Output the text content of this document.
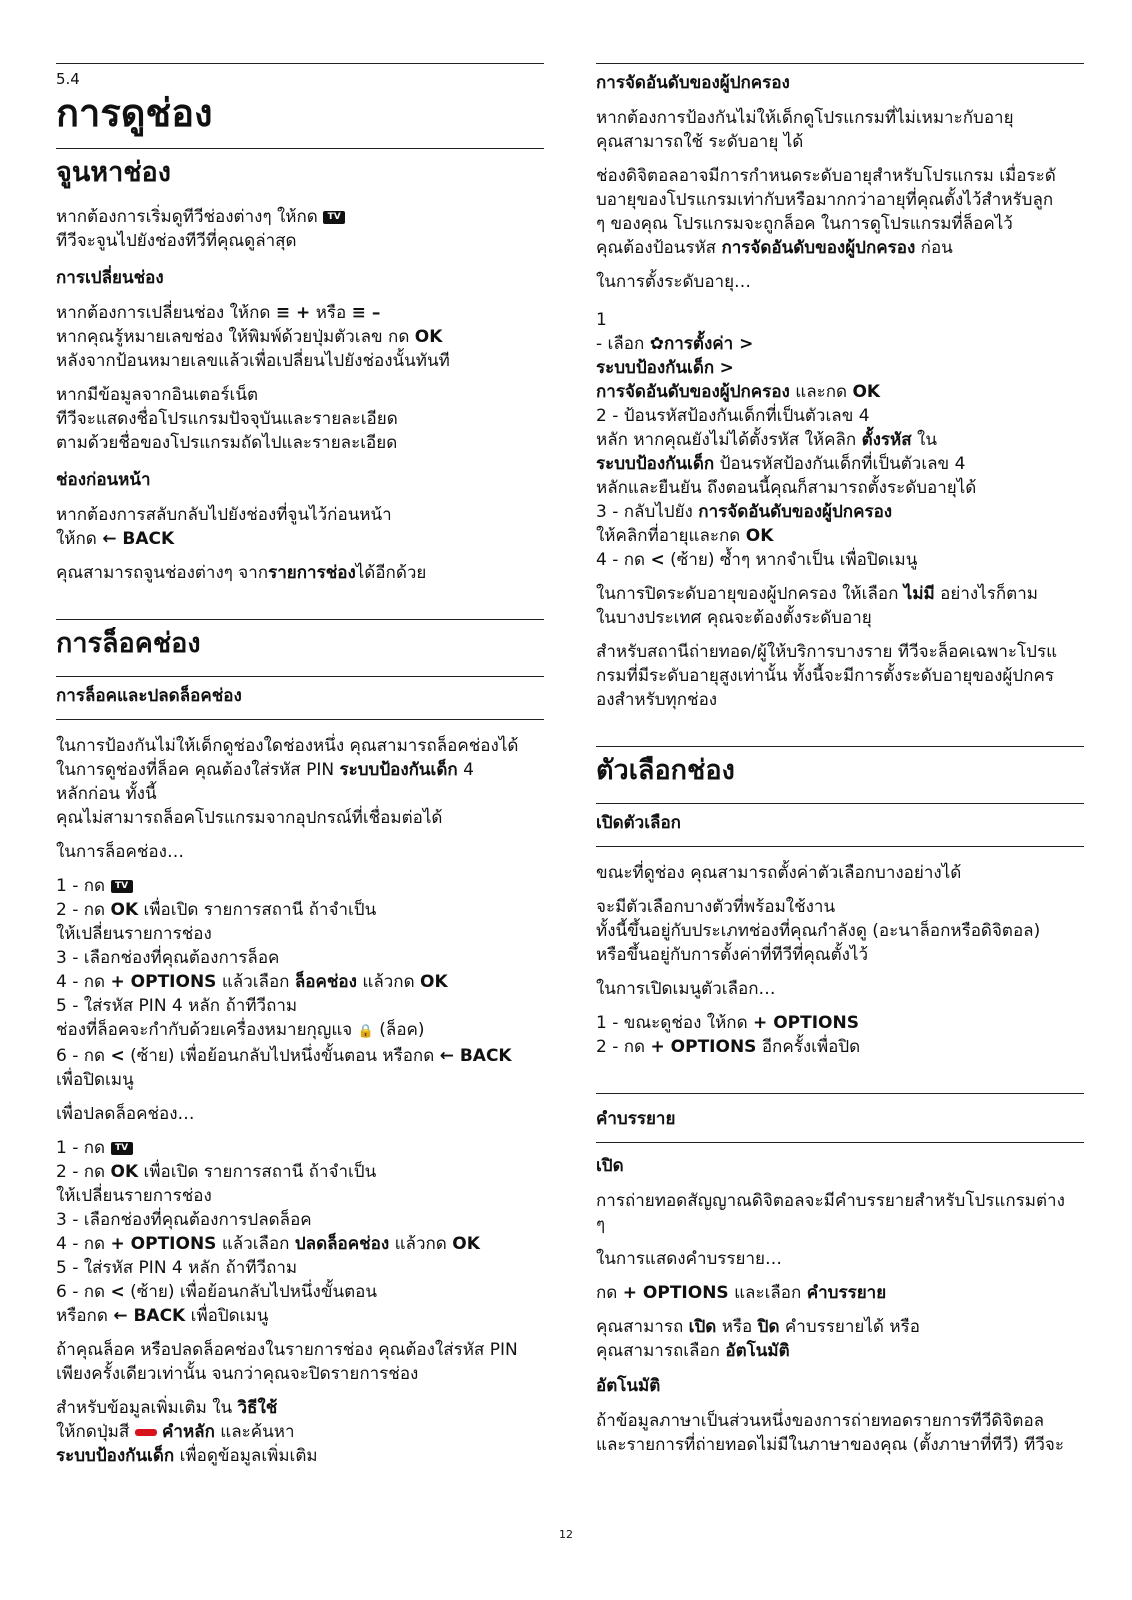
5.4
การดูช่อง
จูนหาช่อง

หากต้องการเริ่มดูทีวีช่องต่างๆ ให้กด TV
ทีวีจะจูนไปยังช่องทีวีที่คุณดูล่าสุด

การเปลี่ยนช่อง

หากต้องการเปลี่ยนช่อง ให้กด ≡ + หรือ ≡ –
หากคุณรู้หมายเลขช่อง ให้พิมพ์ด้วยปุ่มตัวเลข กด OK
หลังจากป้อนหมายเลขแล้วเพื่อเปลี่ยนไปยังช่องนั้นทันที

หากมีข้อมูลจากอินเตอร์เน็ต
ทีวีจะแสดงชื่อโปรแกรมปัจจุบันและรายละเอียด
ตามด้วยชื่อของโปรแกรมถัดไปและรายละเอียด

ช่องก่อนหน้า

หากต้องการสลับกลับไปยังช่องที่จูนไว้ก่อนหน้า
ให้กด ← BACK

คุณสามารถจูนช่องต่างๆ จากรายการช่องได้อีกด้วย

การล็อคช่อง
การล็อคและปลดล็อคช่อง

ในการป้องกันไม่ให้เด็กดูช่องใดช่องหนึ่ง คุณสามารถล็อคช่องได้
ในการดูช่องที่ล็อค คุณต้องใส่รหัส PIN ระบบป้องกันเด็ก 4
หลักก่อน ทั้งนี้
คุณไม่สามารถล็อคโปรแกรมจากอุปกรณ์ที่เชื่อมต่อได้

ในการล็อคช่อง…

1 - กด TV
2 - กด OK เพื่อเปิด รายการสถานี ถ้าจำเป็น
ให้เปลี่ยนรายการช่อง
3 - เลือกช่องที่คุณต้องการล็อค
4 - กด + OPTIONS แล้วเลือก ล็อคช่อง แล้วกด OK
5 - ใส่รหัส PIN 4 หลัก ถ้าทีวีถาม
ช่องที่ล็อคจะกำกับด้วยเครื่องหมายกุญแจ 🔒 (ล็อค)
6 - กด < (ซ้าย) เพื่อย้อนกลับไปหนึ่งขั้นตอน หรือกด ← BACK
เพื่อปิดเมนู

เพื่อปลดล็อคช่อง…

1 - กด TV
2 - กด OK เพื่อเปิด รายการสถานี ถ้าจำเป็น
ให้เปลี่ยนรายการช่อง
3 - เลือกช่องที่คุณต้องการปลดล็อค
4 - กด + OPTIONS แล้วเลือก ปลดล็อคช่อง แล้วกด OK
5 - ใส่รหัส PIN 4 หลัก ถ้าทีวีถาม
6 - กด < (ซ้าย) เพื่อย้อนกลับไปหนึ่งขั้นตอน
หรือกด ← BACK เพื่อปิดเมนู

ถ้าคุณล็อค หรือปลดล็อคช่องในรายการช่อง คุณต้องใส่รหัส PIN
เพียงครั้งเดียวเท่านั้น จนกว่าคุณจะปิดรายการช่อง

สำหรับข้อมูลเพิ่มเติม ใน วิธีใช้
ให้กดปุ่มสี คำหลัก และค้นหา
ระบบป้องกันเด็ก เพื่อดูข้อมูลเพิ่มเติม

การจัดอันดับของผู้ปกครอง

หากต้องการป้องกันไม่ให้เด็กดูโปรแกรมที่ไม่เหมาะกับอายุ
คุณสามารถใช้ ระดับอายุ ได้

ช่องดิจิตอลอาจมีการกำหนดระดับอายุสำหรับโปรแกรม เมื่อระดั
บอายุของโปรแกรมเท่ากับหรือมากกว่าอายุที่คุณตั้งไว้สำหรับลูก
ๆ ของคุณ โปรแกรมจะถูกล็อค ในการดูโปรแกรมที่ล็อคไว้
คุณต้องป้อนรหัส การจัดอันดับของผู้ปกครอง ก่อน

ในการตั้งระดับอายุ…

1
- เลือก ✿การตั้งค่า >
ระบบป้องกันเด็ก >
การจัดอันดับของผู้ปกครอง และกด OK
2 - ป้อนรหัสป้องกันเด็กที่เป็นตัวเลข 4
หลัก หากคุณยังไม่ได้ตั้งรหัส ให้คลิก ตั้งรหัส ใน
ระบบป้องกันเด็ก ป้อนรหัสป้องกันเด็กที่เป็นตัวเลข 4
หลักและยืนยัน ถึงตอนนี้คุณก็สามารถตั้งระดับอายุได้
3 - กลับไปยัง การจัดอันดับของผู้ปกครอง
ให้คลิกที่อายุและกด OK
4 - กด < (ซ้าย) ซ้ำๆ หากจำเป็น เพื่อปิดเมนู

ในการปิดระดับอายุของผู้ปกครอง ให้เลือก ไม่มี อย่างไรก็ตาม
ในบางประเทศ คุณจะต้องตั้งระดับอายุ

สำหรับสถานีถ่ายทอด/ผู้ให้บริการบางราย ทีวีจะล็อคเฉพาะโปรแ
กรมที่มีระดับอายุสูงเท่านั้น ทั้งนี้จะมีการตั้งระดับอายุของผู้ปกคร
องสำหรับทุกช่อง

ตัวเลือกช่อง
เปิดตัวเลือก

ขณะที่ดูช่อง คุณสามารถตั้งค่าตัวเลือกบางอย่างได้

จะมีตัวเลือกบางตัวที่พร้อมใช้งาน
ทั้งนี้ขึ้นอยู่กับประเภทช่องที่คุณกำลังดู (อะนาล็อกหรือดิจิตอล)
หรือขึ้นอยู่กับการตั้งค่าที่ทีวีที่คุณตั้งไว้

ในการเปิดเมนูตัวเลือก…

1 - ขณะดูช่อง ให้กด + OPTIONS
2 - กด + OPTIONS อีกครั้งเพื่อปิด

คำบรรยาย
เปิด

การถ่ายทอดสัญญาณดิจิตอลจะมีคำบรรยายสำหรับโปรแกรมต่าง
ๆ

ในการแสดงคำบรรยาย…

กด + OPTIONS และเลือก คำบรรยาย

คุณสามารถ เปิด หรือ ปิด คำบรรยายได้ หรือ
คุณสามารถเลือก อัตโนมัติ

อัตโนมัติ

ถ้าข้อมูลภาษาเป็นส่วนหนึ่งของการถ่ายทอดรายการทีวีดิจิตอล
และรายการที่ถ่ายทอดไม่มีในภาษาของคุณ (ตั้งภาษาที่ทีวี) ทีวีจะ

12
